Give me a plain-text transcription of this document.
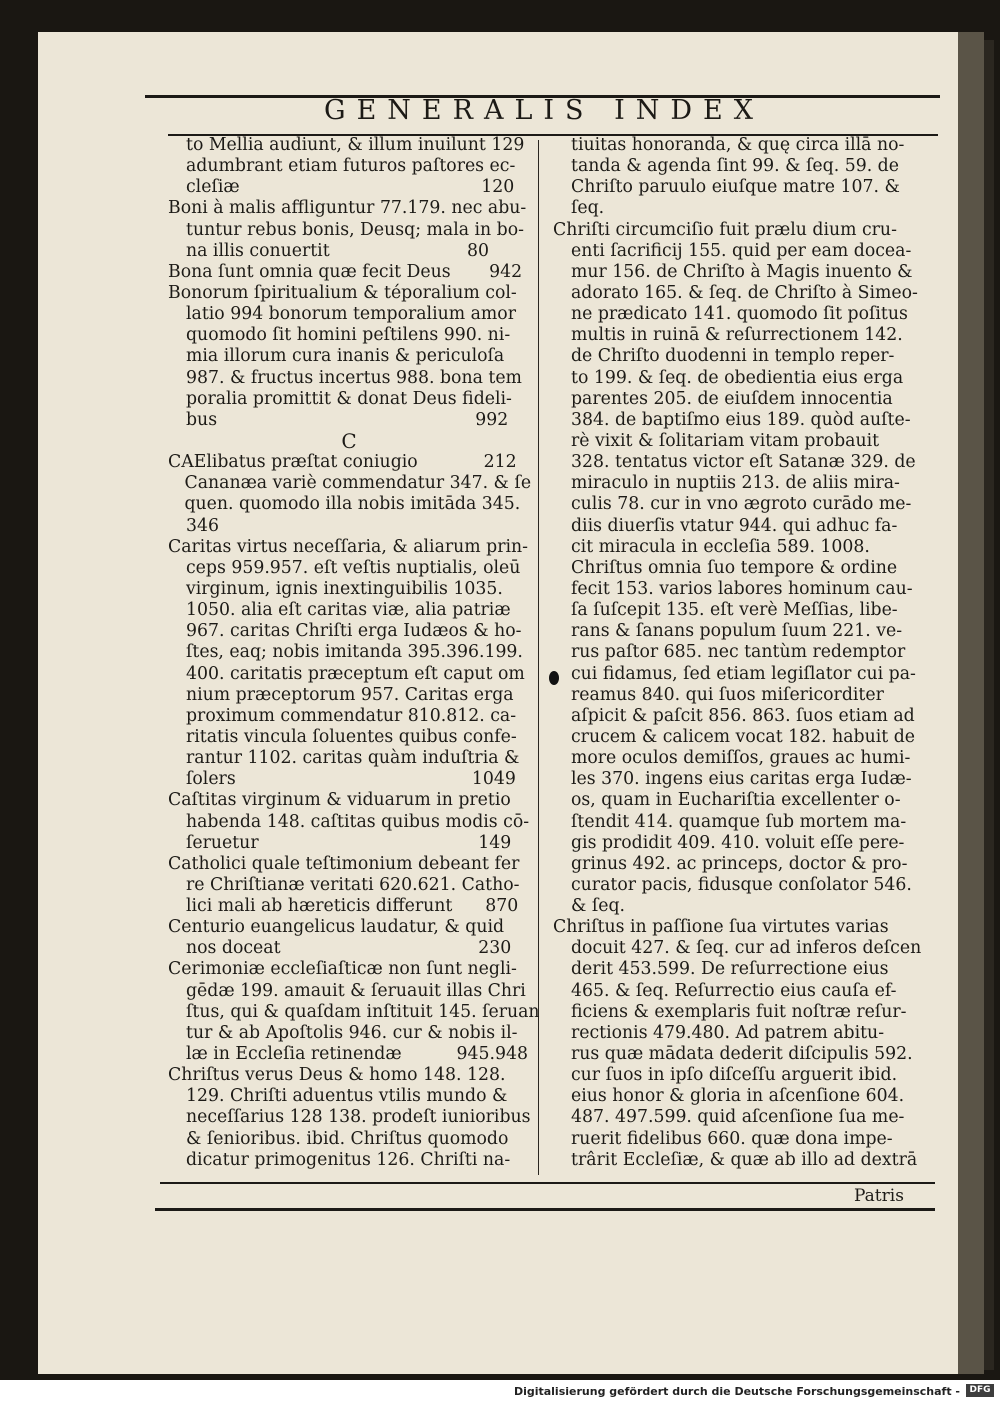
GENERALIS INDEX
to Mellia audiunt, & illum inuilunt 129
adumbrant etiam futuros paſtores ec-
cleſiæ                                            120
Boni à malis affliguntur 77.179. nec abu-
tuntur rebus bonis, Deusq; mala in bo-
na illis conuertit                         80
Bona ſunt omnia quæ fecit Deus       942
Bonorum ſpiritualium & téporalium col-
latio 994 bonorum temporalium amor
quomodo ſit homini peſtilens 990. ni-
mia illorum cura inanis & periculoſa
987. & fructus incertus 988. bona tem
poralia promittit & donat Deus fideli-
bus                                               992
C
CAElibatus præſtat coniugio            212
Cananæa variè commendatur 347. & ſe
quen. quomodo illa nobis imitāda 345.
346
Caritas virtus neceſſaria, & aliarum prin-
ceps 959.957. eſt veſtis nuptialis, oleū
virginum, ignis inextinguibilis 1035.
1050. alia eſt caritas viæ, alia patriæ
967. caritas Chriſti erga Iudæos & ho-
ſtes, eaq; nobis imitanda 395.396.199.
400. caritatis præceptum eſt caput om
nium præceptorum 957. Caritas erga
proximum commendatur 810.812. ca-
ritatis vincula ſoluentes quibus confe-
rantur 1102. caritas quàm induſtria &
ſolers                                           1049
Caſtitas virginum & viduarum in pretio
habenda 148. caſtitas quibus modis cō-
ſeruetur                                        149
Catholici quale teſtimonium debeant fer
re Chriſtianæ veritati 620.621. Catho-
lici mali ab hæreticis differunt      870
Centurio euangelicus laudatur, & quid
nos doceat                                    230
Cerimoniæ eccleſiaſticæ non ſunt negli-
gēdæ 199. amauit & ſeruauit illas Chri
ſtus, qui & quaſdam inſtituit 145. ſeruan
tur & ab Apoſtolis 946. cur & nobis il-
læ in Eccleſia retinendæ          945.948
Chriſtus verus Deus & homo 148. 128.
129. Chriſti aduentus vtilis mundo &
neceſſarius 128 138. prodeſt iunioribus
& ſenioribus. ibid. Chriſtus quomodo
dicatur primogenitus 126. Chriſti na-
tiuitas honoranda, & quę circa illā no-
tanda & agenda ſint 99. & ſeq. 59. de
Chriſto paruulo eiuſque matre 107. &
ſeq.
Chriſti circumciſio fuit prælu dium cru-
enti ſacrificij 155. quid per eam doceа-
mur 156. de Chriſto à Magis inuento &
adorato 165. & ſeq. de Chriſto à Simeo-
ne prædicato 141. quomodo ſit poſitus
multis in ruinā & reſurrectionem 142.
de Chriſto duodenni in templo reper-
to 199. & ſeq. de obedientia eius erga
parentes 205. de eiuſdem innocentia
384. de baptiſmo eius 189. quòd auſte-
rè vixit & ſolitariam vitam probauit
328. tentatus victor eſt Satanæ 329. de
miraculo in nuptiis 213. de aliis mira-
culis 78. cur in vno ægroto curādo me-
diis diuerſis vtatur 944. qui adhuc fa-
cit miracula in eccleſia 589. 1008.
Chriſtus omnia ſuo tempore & ordine
fecit 153. varios labores hominum cau-
ſa ſuſcepit 135. eſt verè Meſſias, libe-
rans & ſanans populum ſuum 221. ve-
rus paſtor 685. nec tantùm redemptor
cui fidamus, ſed etiam legiſlator cui pa-
reamus 840. qui ſuos miſericorditer
aſpicit & paſcit 856. 863. ſuos etiam ad
crucem & calicem vocat 182. habuit de
more oculos demiſſos, graues ac humi-
les 370. ingens eius caritas erga Iudæ-
os, quam in Euchariſtia excellenter o-
ſtendit 414. quamque ſub mortem ma-
gis prodidit 409. 410. voluit eſſe pere-
grinus 492. ac princeps, doctor & pro-
curator pacis, fidusque conſolator 546.
& ſeq.
Chriſtus in paſſione ſua virtutes varias
docuit 427. & ſeq. cur ad inferos deſcen
derit 453.599. De reſurrectione eius
465. & ſeq. Reſurrectio eius cauſa ef-
ficiens & exemplaris fuit noſtræ reſur-
rectionis 479.480. Ad patrem abitu-
rus quæ mādata dederit diſcipulis 592.
cur ſuos in ipſo diſceſſu arguerit ibid.
eius honor & gloria in aſcenſione 604.
487. 497.599. quid aſcenſione ſua me-
ruerit fidelibus 660. quæ dona impe-
trârit Eccleſiæ, & quæ ab illo ad dextrā
Patris
Digitalisierung gefördert durch die Deutsche Forschungsgemeinschaft -	DFG
